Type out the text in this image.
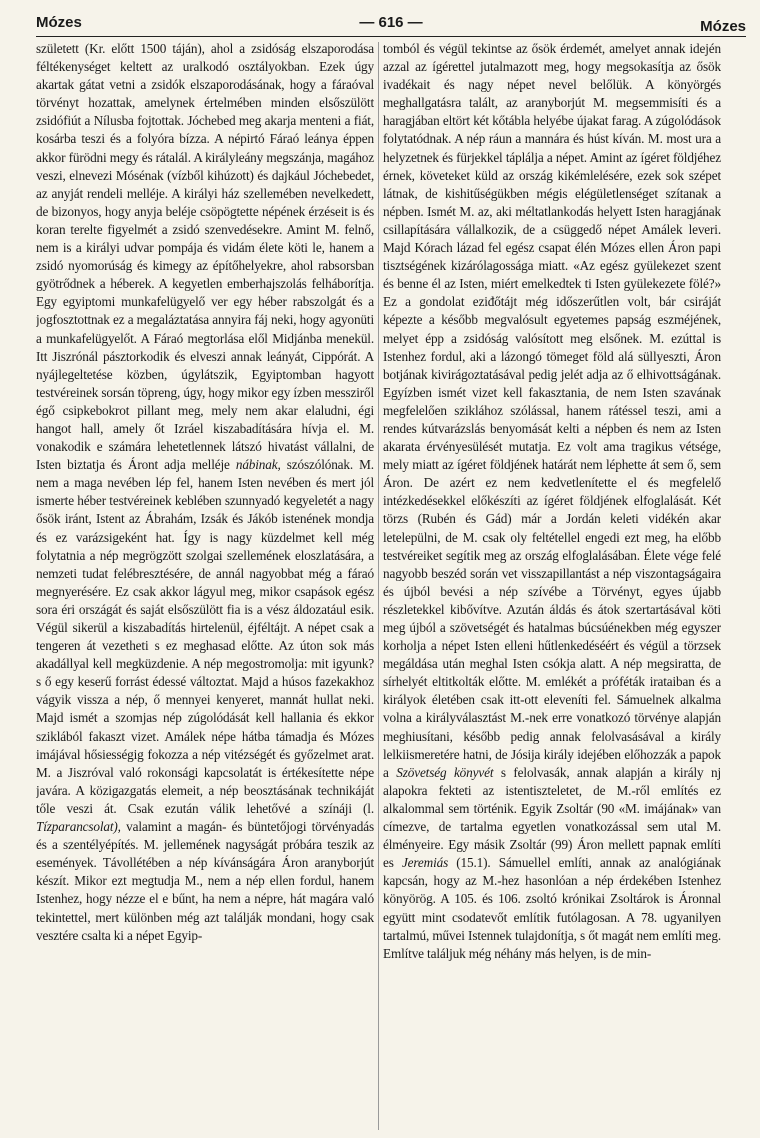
Mózes	— 616 —	Mózes

született (Kr. előtt 1500 táján), ahol a zsidóság elszaporodása féltékenységet keltett az uralkodó osztályokban. Ezek úgy akartak gátat vetni a zsidók elszaporodásának, hogy a fáraóval törvényt hozattak, amelynek értelmében minden elsőszülött zsidófiút a Nílusba fojtottak. Jóchebed meg akarja menteni a fiát, kosárba teszi és a folyóra bízza. A népirtó Fáraó leánya éppen akkor fürödni megy és rátalál. A királyleány megszánja, magához veszi, elnevezi Mósénak (vízből kihúzott) és dajkául Jóchebedet, az anyját rendeli melléje. A királyi ház szellemében nevelkedett, de bizonyos, hogy anyja beléje csöpögtette népének érzéseit is és koran terelte figyelmét a zsidó szenvedésekre. Amint M. felnő, nem is a királyi udvar pompája és vidám élete köti le, hanem a zsidó nyomorúság és kimegy az építőhelyekre, ahol rabsorsban gyötrődnek a héberek. A kegyetlen emberhajszolás felháborítja. Egy egyiptomi munkafelügyelő ver egy héber rabszolgát és a jogfosztottnak ez a megaláztatása annyira fáj neki, hogy agyonüti a munkafelügyelőt. A Fáraó megtorlása elől Midjánba menekül. Itt Jiszrónál pásztorkodik és elveszi annak leányát, Cippórát. A nyájlegeltetése közben, úgylátszik, Egyiptomban hagyott testvéreinek sorsán töpreng, úgy, hogy mikor egy ízben messziről égő csipkebokrot pillant meg, mely nem akar elaludni, égi hangot hall, amely őt Izráel kiszabadítására hívja el. M. vonakodik e számára lehetetlennek látszó hivatást vállalni, de Isten biztatja és Áront adja melléje nábinak, szószólónak. M. nem a maga nevében lép fel, hanem Isten nevében és mert jól ismerte héber testvéreinek keblében szunnyadó kegyeletét a nagy ősök iránt, Istent az Ábrahám, Izsák és Jákób istenének mondja és ez varázsigeként hat. Így is nagy küzdelmet kell még folytatnia a nép megrögzött szolgai szellemének eloszlatására, a nemzeti tudat felébresztésére, de annál nagyobbat még a fáraó megnyerésére. Ez csak akkor lágyul meg, mikor csapások egész sora éri országát és saját elsőszülött fia is a vész áldozatául esik. Végül sikerül a kiszabadítás hirtelenül, éjféltájt. A népet csak a tengeren át vezetheti s ez meghasad előtte. Az úton sok más akadállyal kell megküzdenie. A nép megostromolja: mit igyunk? s ő egy keserű forrást édessé változtat. Majd a húsos fazekakhoz vágyik vissza a nép, ő mennyei kenyeret, mannát hullat neki. Majd ismét a szomjas nép zúgolódását kell hallania és ekkor sziklából fakaszt vizet. Amálek népe hátba támadja és Mózes imájával hősiességig fokozza a nép vitézségét és győzelmet arat. M. a Jiszróval való rokonsági kapcsolatát is értékesítette népe javára. A közigazgatás elemeit, a nép beosztásának technikáját tőle veszi át. Csak ezután válik lehetővé a színáji (l. Tízparancsolat), valamint a magán- és büntetőjogi törvényadás és a szentélyépítés. M. jellemének nagyságát próbára teszik az események. Távollétében a nép kívánságára Áron aranyborjút készít. Mikor ezt megtudja M., nem a nép ellen fordul, hanem Istenhez, hogy nézze el e bűnt, ha nem a népre, hát magára való tekintettel, mert különben még azt találják mondani, hogy csak vesztére csalta ki a népet Egyip-

tomból és végül tekintse az ősök érdemét, amelyet annak idején azzal az ígérettel jutalmazott meg, hogy megsokasítja az ősök ivadékait és nagy népet nevel belőlük. A könyörgés meghallgatásra talált, az aranyborjút M. megsemmisíti és a haragjában eltört két kőtábla helyébe újakat farag. A zúgolódások folytatódnak. A nép ráun a mannára és húst kíván. M. most ura a helyzetnek és fürjekkel táplálja a népet. Amint az ígéret földjéhez érnek, követeket küld az ország kikémlelésére, ezek sok szépet látnak, de kishitűségükben mégis elégületlenséget szítanak a népben. Ismét M. az, aki méltatlankodás helyett Isten haragjának csillapítására vállalkozik, de a csüggedő népet Amálek leveri. Majd Kórach lázad fel egész csapat élén Mózes ellen Áron papi tisztségének kizárólagossága miatt. «Az egész gyülekezet szent és benne él az Isten, miért emelkedtek ti Isten gyülekezete fölé?» Ez a gondolat eziđőtájt még időszerűtlen volt, bár csiráját képezte a később megvalósult egyetemes papság eszméjének, melyet épp a zsidóság valósított meg elsőnek. M. ezúttal is Istenhez fordul, aki a lázongó tömeget föld alá süllyeszti, Áron botjának kivirágoztatásával pedig jelét adja az ő elhivottságának. Egyízben ismét vizet kell fakasztania, de nem Isten szavának megfelelően sziklához szólással, hanem rátéssel teszi, ami a rendes kútvarázslás benyomását kelti a népben és nem az Isten akarata érvényesülését mutatja. Ez volt ama tragikus vétsége, mely miatt az ígéret földjének határát nem léphette át sem ő, sem Áron. De azért ez nem kedvetlenítette el és megfelelő intézkedésekkel előkészíti az ígéret földjének elfoglalását. Két törzs (Rubén és Gád) már a Jordán keleti vidékén akar letelepülni, de M. csak oly feltétellel engedi ezt meg, ha előbb testvéreiket segítik meg az ország elfoglalásában. Élete vége felé nagyobb beszéd során vet visszapillantást a nép viszontagságaira és újból bevési a nép szívébe a Törvényt, egyes újabb részletekkel kibővítve. Azután áldás és átok szertartásával köti meg újból a szövetségét és hatalmas búcsúénekben még egyszer korholja a népet Isten elleni hűtlenkedéséért és végül a törzsek megáldása után meghal Isten csókja alatt. A nép megsiratta, de sírhelyét eltitkolták előtte. M. emlékét a próféták irataiban és a királyok életében csak itt-ott eleveníti fel. Sámuelnek alkalma volna a királyválasztást M.-nek erre vonatkozó törvénye alapján meghiusítani, később pedig annak felolvasásával a király lelkiismeretére hatni, de Jósija király idejében előhozzák a papok a Szövetség könyvét s felolvasák, annak alapján a király nj alapokra fekteti az istentiszteletet, de M.-ről említés ez alkalommal sem történik. Egyik Zsoltár (90 «M. imájának» van címezve, de tartalma egyetlen vonatkozással sem utal M. élményeire. Egy másik Zsoltár (99) Áron mellett papnak említi es Jeremiás (15.1). Sámuellel említi, annak az analógiának kapcsán, hogy az M.-hez hasonlóan a nép érdekében Istenhez könyörög. A 105. és 106. zsoltó krónikai Zsoltárok is Áronnal együtt mint csodatevőt említik futólagosan. A 78. ugyanilyen tartalmú, művei Istennek tulajdonítja, s őt magát nem említi meg. Említve találjuk még néhány más helyen, is de min-
